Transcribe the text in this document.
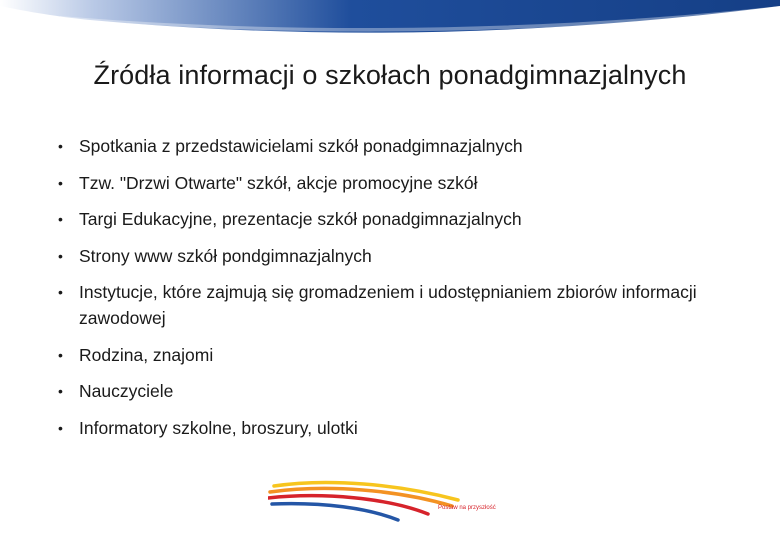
Źródła informacji o szkołach ponadgimnazjalnych
• Spotkania z przedstawicielami szkół ponadgimnazjalnych
• Tzw. "Drzwi Otwarte" szkół, akcje promocyjne szkół
• Targi Edukacyjne, prezentacje szkół ponadgimnazjalnych
• Strony www szkół pondgimnazjalnych
• Instytucje, które zajmują się gromadzeniem i udostępnianiem zbiorów informacji zawodowej
• Rodzina, znajomi
• Nauczyciele
• Informatory szkolne, broszury, ulotki
Postaw na przyszłość
